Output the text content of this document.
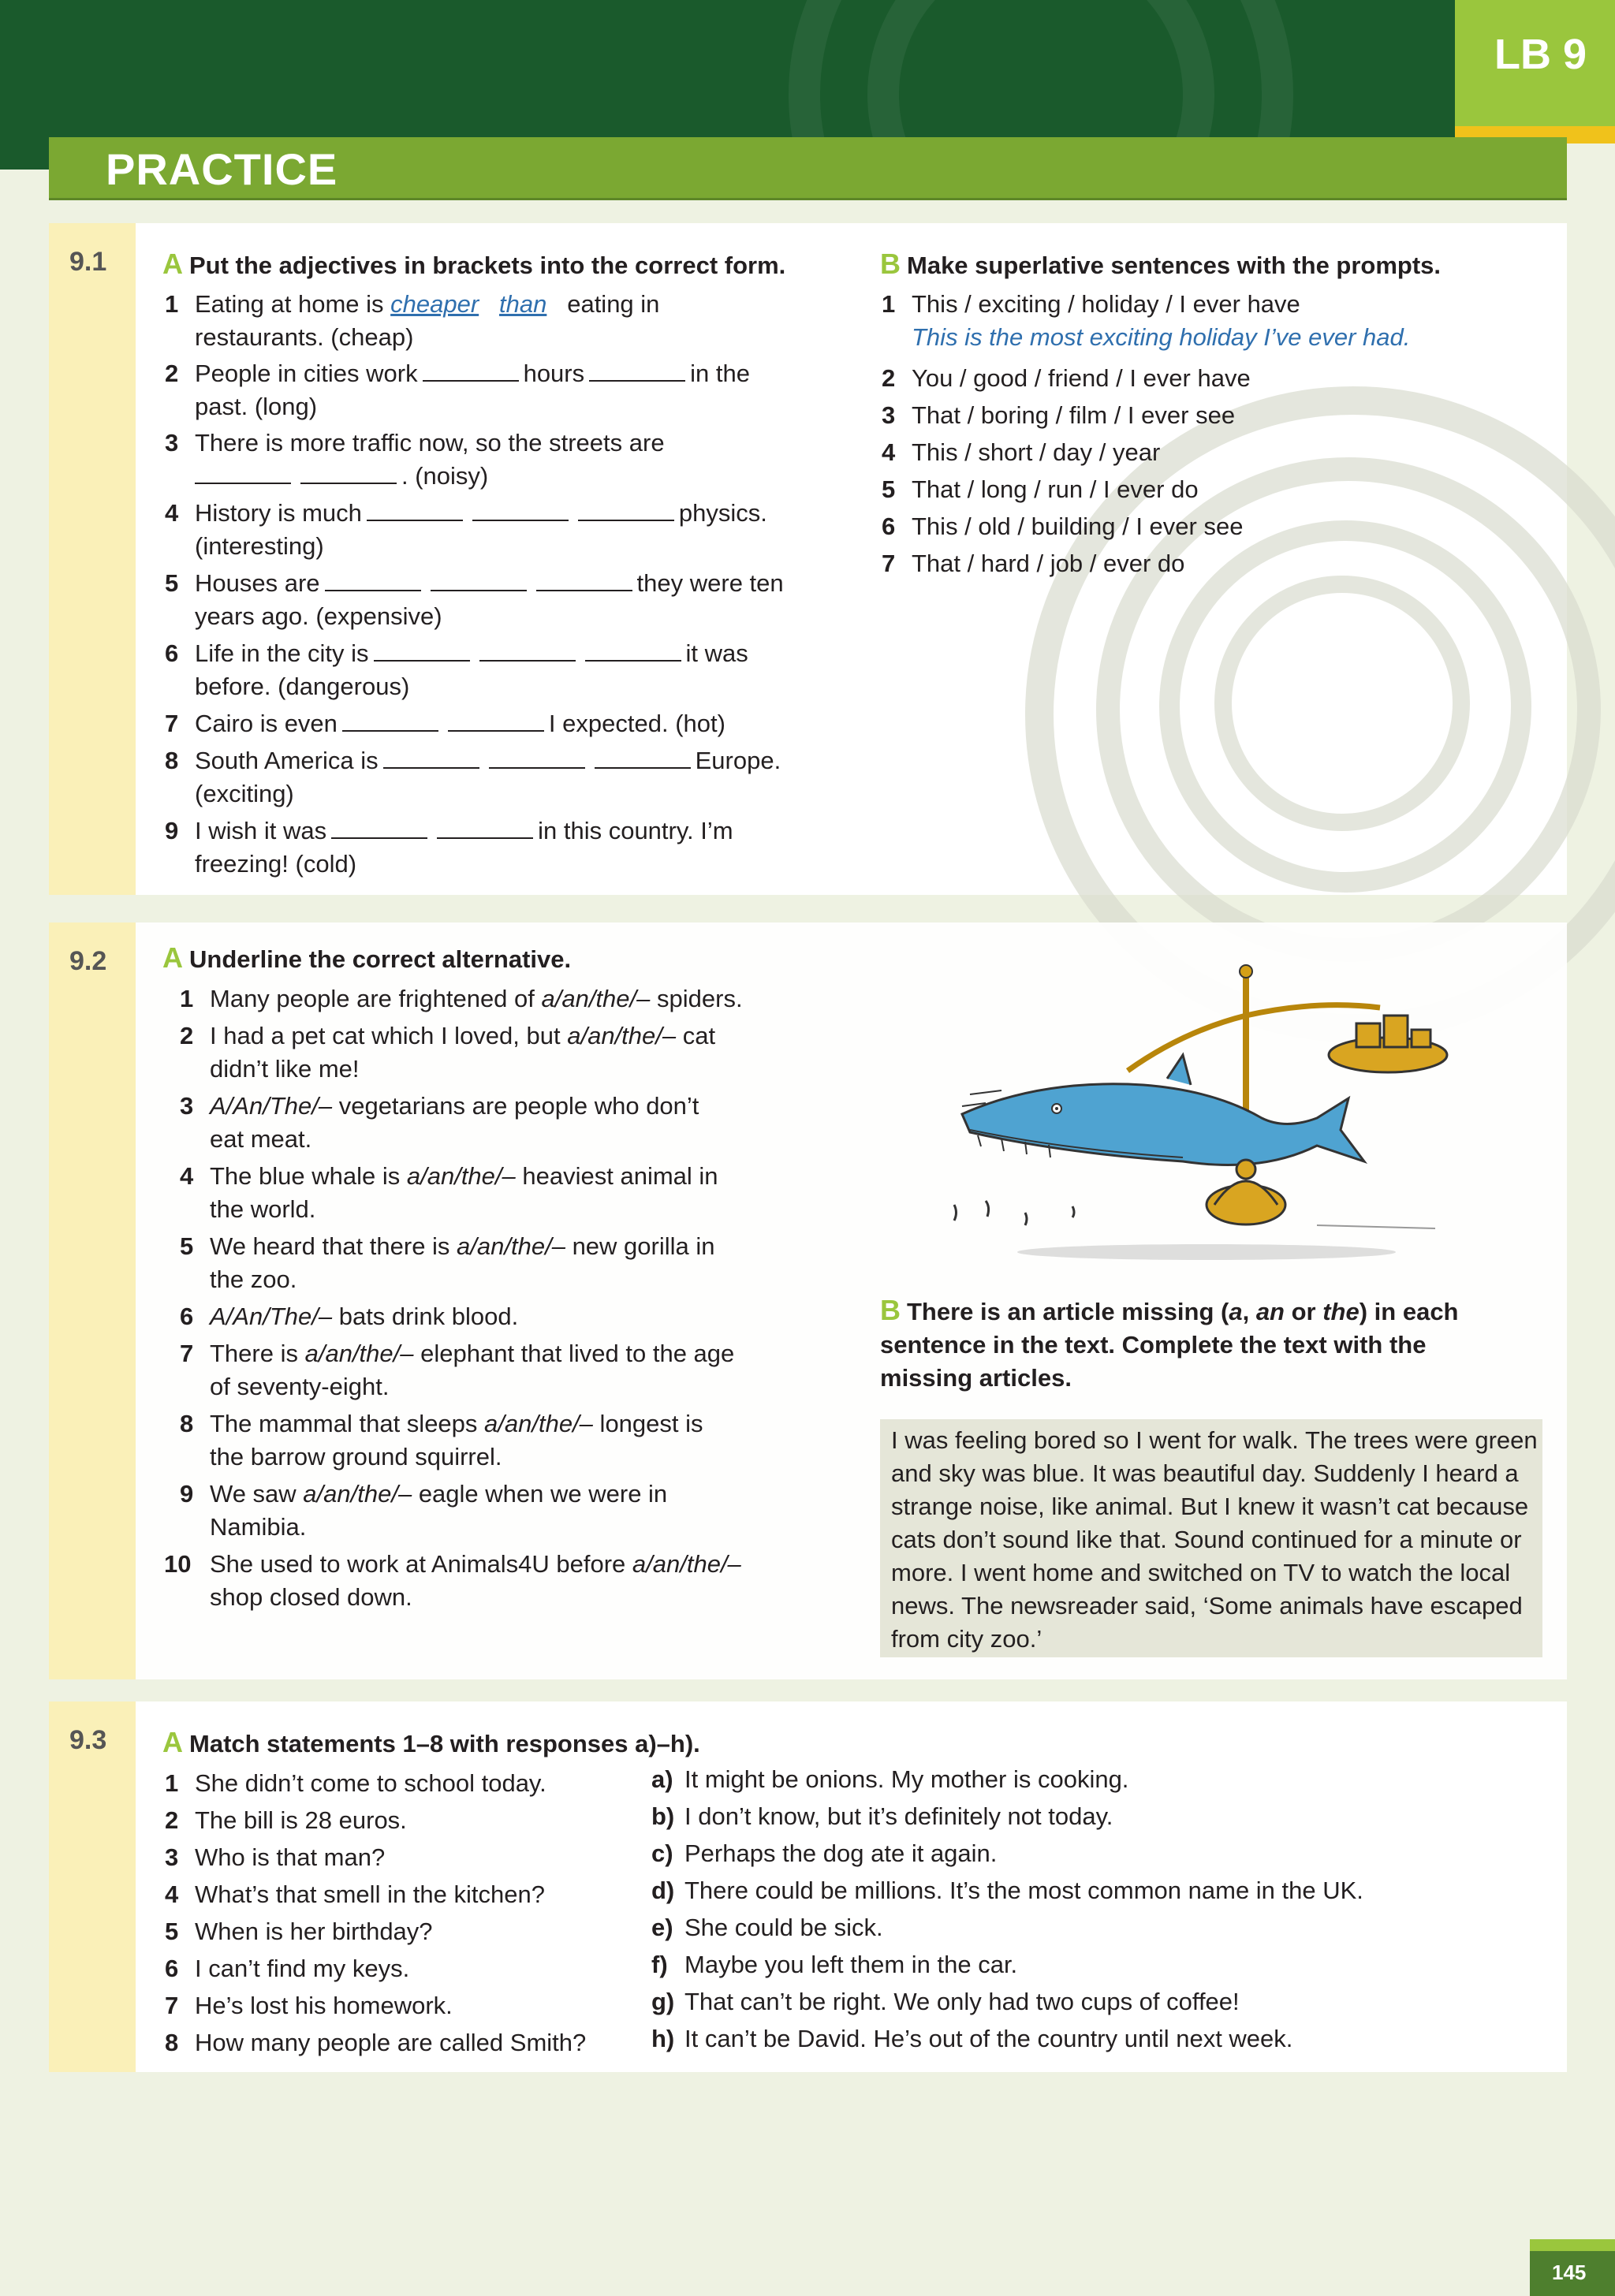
LB 9
PRACTICE
9.1 A Put the adjectives in brackets into the correct form.
1 Eating at home is cheaper than   eating in
restaurants. (cheap)
2 People in cities work	hours	in the
past. (long)
3 There is more traffic now, so the streets are
. (noisy)
4 History is much	physics.
(interesting)
5 Houses are	they were ten
years ago. (expensive)
6 Life in the city is	it was
before. (dangerous)
7 Cairo is even	I expected. (hot)
8 South America is	Europe.
(exciting)
9 I wish it was	in this country. I’m
freezing! (cold)
B Make superlative sentences with the prompts.
1 This / exciting / holiday / I ever have
This is the most exciting holiday I’ve ever had.
2 You / good / friend / I ever have
3 That / boring / film / I ever see
4 This / short / day / year
5 That / long / run / I ever do
6 This / old / building / I ever see
7 That / hard / job / ever do
9.2 A Underline the correct alternative.
1 Many people are frightened of a/an/the/– spiders.
2 I had a pet cat which I loved, but a/an/the/– cat
didn’t like me!
3 A/An/The/– vegetarians are people who don’t
eat meat.
4 The blue whale is a/an/the/– heaviest animal in
the world.
5 We heard that there is a/an/the/– new gorilla in
the zoo.
6 A/An/The/– bats drink blood.
7 There is a/an/the/– elephant that lived to the age
of seventy-eight.
8 The mammal that sleeps a/an/the/– longest is
the barrow ground squirrel.
9 We saw a/an/the/– eagle when we were in
Namibia.
10 She used to work at Animals4U before a/an/the/–
shop closed down.
B There is an article missing (a, an or the) in each
sentence in the text. Complete the text with the
missing articles.

I was feeling bored so I went for walk. The trees were green and sky was blue. It was beautiful day. Suddenly I heard a strange noise, like animal. But I knew it wasn’t cat because cats don’t sound like that. Sound continued for a minute or more. I went home and switched on TV to watch the local news. The newsreader said, ‘Some animals have escaped from city zoo.’

9.3 A Match statements 1–8 with responses a)–h).
1 She didn’t come to school today.
2 The bill is 28 euros.
3 Who is that man?
4 What’s that smell in the kitchen?
5 When is her birthday?
6 I can’t find my keys.
7 He’s lost his homework.
8 How many people are called Smith?
a) It might be onions. My mother is cooking.
b) I don’t know, but it’s definitely not today.
c) Perhaps the dog ate it again.
d) There could be millions. It’s the most common name in the UK.
e) She could be sick.
f) Maybe you left them in the car.
g) That can’t be right. We only had two cups of coffee!
h) It can’t be David. He’s out of the country until next week.
145
